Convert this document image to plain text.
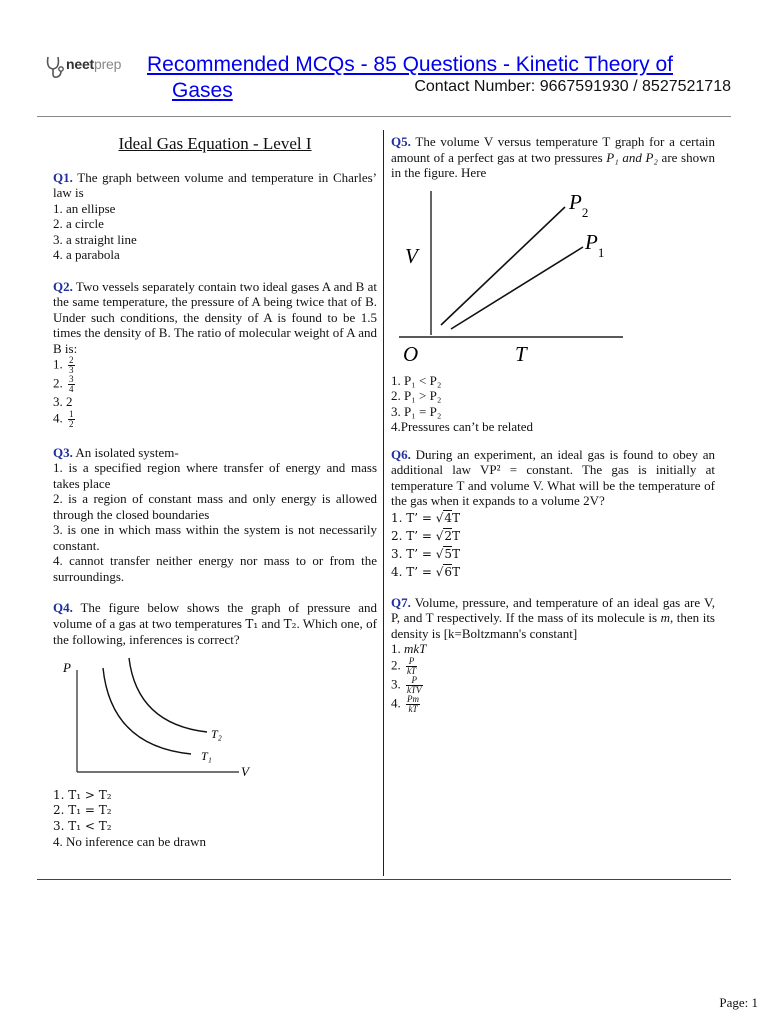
neetprep Recommended MCQs - 85 Questions - Kinetic Theory of
Gases	Contact Number: 9667591930 / 8527521718
Ideal Gas Equation - Level I

Q1. The graph between volume and temperature in Charles’ law is

1. an ellipse

2. a circle

3. a straight line

4. a parabola

Q2. Two vessels separately contain two ideal gases A and B at the same temperature, the pressure of A being twice that of B. Under such conditions, the density of A is found to be 1.5 times the density of B. The ratio of molecular weight of A and B is:

1. $\frac{2}{3}$

2. $\frac{3}{4}$

3. 2

4. $\frac{1}{2}$

Q3. An isolated system-

1. is a specified region where transfer of energy and mass takes place

2. is a region of constant mass and only energy is allowed through the closed boundaries

3. is one in which mass within the system is not necessarily constant.

4. cannot transfer neither energy nor mass to or from the surroundings.

Q4. The figure below shows the graph of pressure and volume of a gas at two temperatures T₁ and T₂. Which one, of the following, inferences is correct?

P
V
T₂
T₁

1. T₁ > T₂

2. T₁ = T₂

3. T₁ < T₂

4. No inference can be drawn

Q5. The volume V versus temperature T graph for a certain amount of a perfect gas at two pressures P₁ and P₂ are shown in the figure. Here

V
O	T
$P_2$
$P_1$

1. P₁ < P₂

2. P₁ > P₂

3. P₁ = P₂

4.Pressures can’t be related

Q6. During an experiment, an ideal gas is found to obey an additional law VP² = constant. The gas is initially at temperature T and volume V. What will be the temperature of the gas when it expands to a volume 2V?

1. T’ = √4T

2. T’ = √2T

3. T’ = √5T

4. T’ = √6T

Q7. Volume, pressure, and temperature of an ideal gas are V, P, and T respectively. If the mass of its molecule is m, then its density is [k=Boltzmann's constant]

1. mkT

2. $\frac{P}{kT}$

3. $\frac{P}{\text{kTV}}$

4. $\frac{Pm}{kT}$

Page: 1
